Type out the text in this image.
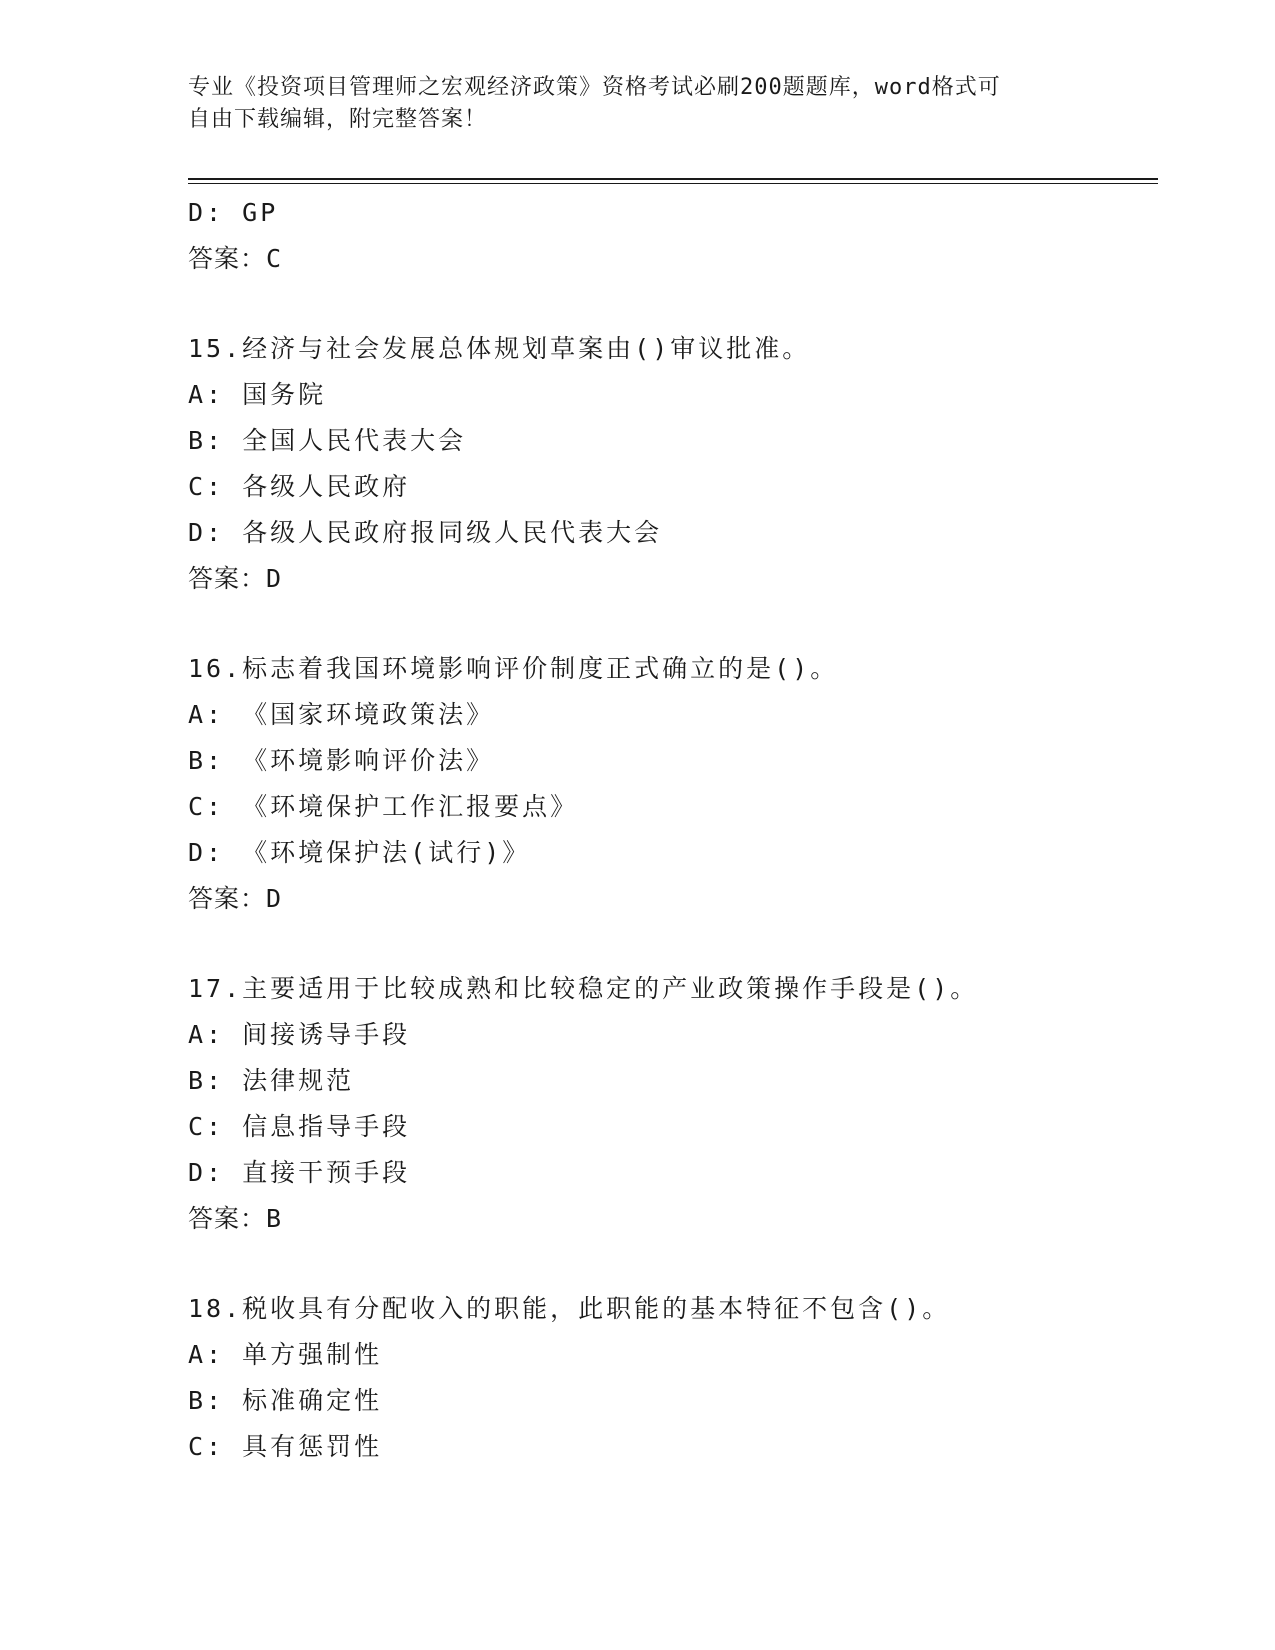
专业《投资项目管理师之宏观经济政策》资格考试必刷200题题库，word格式可
自由下载编辑，附完整答案！
D: GP
答案：C
15.经济与社会发展总体规划草案由()审议批准。
A: 国务院
B: 全国人民代表大会
C: 各级人民政府
D: 各级人民政府报同级人民代表大会
答案：D
16.标志着我国环境影响评价制度正式确立的是()。
A: 《国家环境政策法》
B: 《环境影响评价法》
C: 《环境保护工作汇报要点》
D: 《环境保护法(试行)》
答案：D
17.主要适用于比较成熟和比较稳定的产业政策操作手段是()。
A: 间接诱导手段
B: 法律规范
C: 信息指导手段
D: 直接干预手段
答案：B
18.税收具有分配收入的职能，此职能的基本特征不包含()。
A: 单方强制性
B: 标准确定性
C: 具有惩罚性
